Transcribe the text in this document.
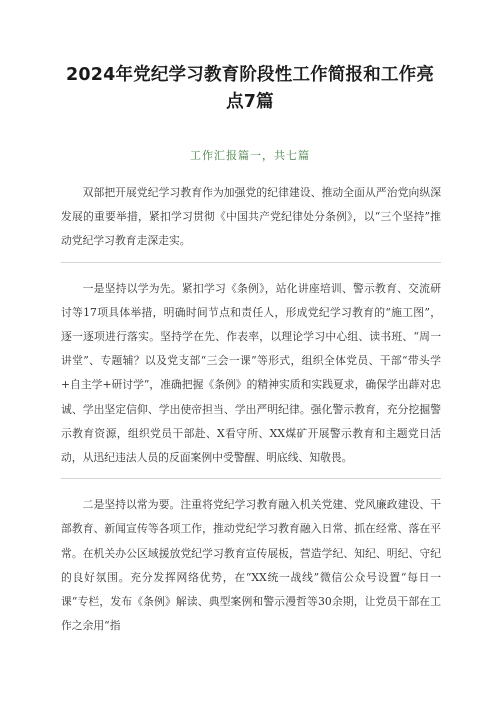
2024年党纪学习教育阶段性工作简报和工作亮点7篇
工作汇报篇一，共七篇

双部把开展党纪学习教育作为加强党的纪律建设、推动全面从严治党向纵深发展的重要举措，紧扣学习贯彻《中国共产党纪律处分条例》，以“三个坚持”推动党纪学习教育走深走实。

一是坚持以学为先。紧扣学习《条例》，站化讲座培训、警示教育、交流研讨等17项具体举措，明确时间节点和责任人，形成党纪学习教育的“施工图”，逐一逐项进行落实。坚持学在先、作表率，以理论学习中心组、读书班、“周一讲堂”、专题辅？以及党支部“三会一课”等形式，组织全体党员、干部“带头学+自主学+研讨学”，准确把握《条例》的精神实质和实践夏求，确保学出薜对忠诚、学出坚定信仰、学出使帝担当、学出严明纪律。强化警示教育，充分挖掘警示教育资源，组织党员干部赴、X看守所、XX煤矿开展警示教育和主题党日活动，从迅纪违法人员的反面案例中受警醒、明底线、知敬畏。

二是坚持以常为要。注重将党纪学习教育融入机关党建、党风廉政建设、干部教育、新闻宣传等各项工作，推动党纪学习教育融入日常、抓在经常、落在平常。在机关办公区域援放党纪学习教育宣传展板，营造学纪、知纪、明纪、守纪的良好氛围。充分发挥网络优势，在“XX统一战线”微信公众号设置“每日一课”专栏，发布《条例》解读、典型案例和警示漫哲等30余期，让党员干部在工作之余用“指
